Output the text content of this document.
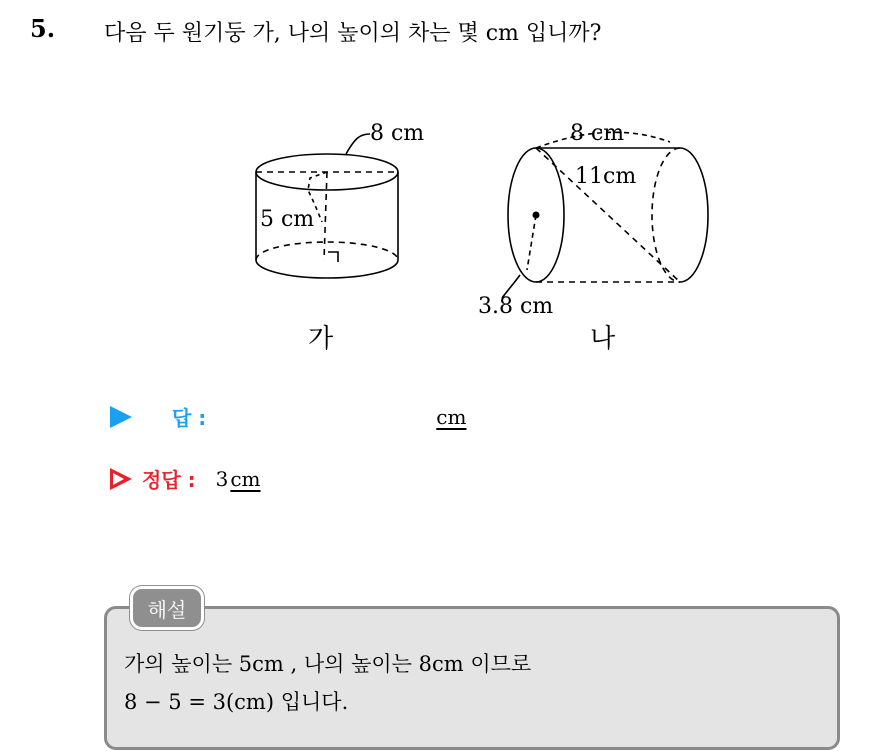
5. 다음 두 원기둥 가, 나의 높이의 차는 몇 cm 입니까?
8 cm
5 cm
8 cm
11cm
3.8 cm
가	나
답 :	cm
정답 : 3 cm
해설
가의 높이는 5cm , 나의 높이는 8cm 이므로
8 − 5 = 3(cm) 입니다.
